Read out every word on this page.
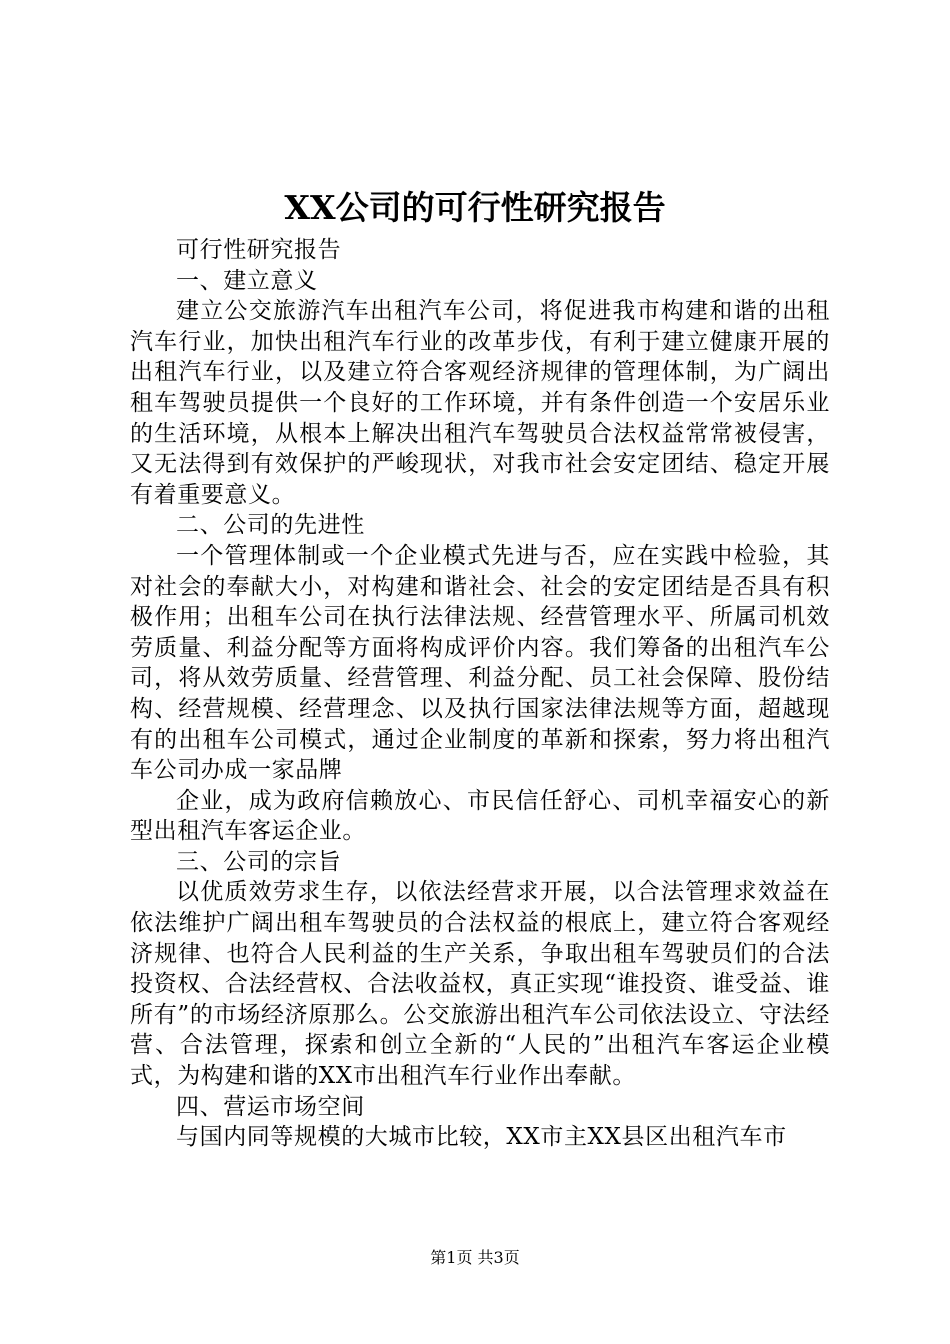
XX公司的可行性研究报告

可行性研究报告

一、建立意义

建立公交旅游汽车出租汽车公司，将促进我市构建和谐的出租汽车行业，加快出租汽车行业的改革步伐，有利于建立健康开展的出租汽车行业，以及建立符合客观经济规律的管理体制，为广阔出租车驾驶员提供一个良好的工作环境，并有条件创造一个安居乐业的生活环境，从根本上解决出租汽车驾驶员合法权益常常被侵害，又无法得到有效保护的严峻现状，对我市社会安定团结、稳定开展有着重要意义。

二、公司的先进性

一个管理体制或一个企业模式先进与否，应在实践中检验，其对社会的奉献大小，对构建和谐社会、社会的安定团结是否具有积极作用；出租车公司在执行法律法规、经营管理水平、所属司机效劳质量、利益分配等方面将构成评价内容。我们筹备的出租汽车公司，将从效劳质量、经营管理、利益分配、员工社会保障、股份结构、经营规模、经营理念、以及执行国家法律法规等方面，超越现有的出租车公司模式，通过企业制度的革新和探索，努力将出租汽车公司办成一家品牌

企业，成为政府信赖放心、市民信任舒心、司机幸福安心的新型出租汽车客运企业。

三、公司的宗旨

以优质效劳求生存，以依法经营求开展，以合法管理求效益在依法维护广阔出租车驾驶员的合法权益的根底上，建立符合客观经济规律、也符合人民利益的生产关系，争取出租车驾驶员们的合法投资权、合法经营权、合法收益权，真正实现“谁投资、谁受益、谁所有”的市场经济原那么。公交旅游出租汽车公司依法设立、守法经营、合法管理，探索和创立全新的“人民的”出租汽车客运企业模式，为构建和谐的XX市出租汽车行业作出奉献。

四、营运市场空间

与国内同等规模的大城市比较，XX市主XX县区出租汽车市

第1页 共3页
